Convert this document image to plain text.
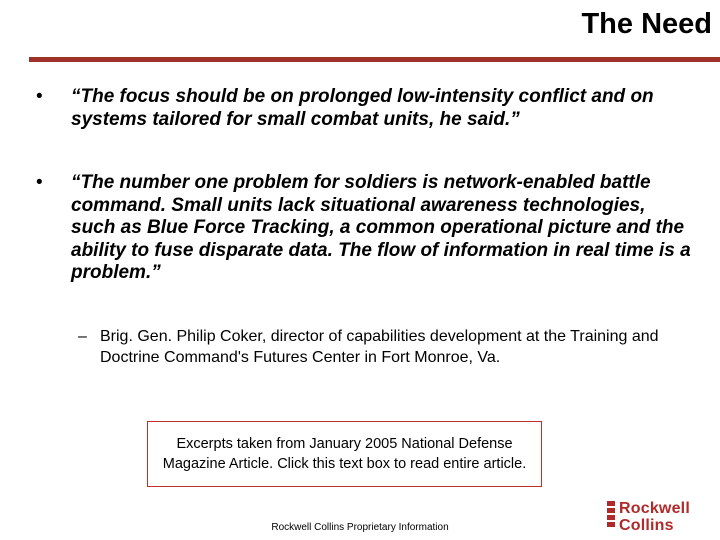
The Need
• “The focus should be on prolonged low-intensity conflict and on systems tailored for small combat units, he said.”
• “The number one problem for soldiers is network-enabled battle command. Small units lack situational awareness technologies, such as Blue Force Tracking, a common operational picture and the ability to fuse disparate data. The flow of information in real time is a problem.”
– Brig. Gen. Philip Coker, director of capabilities development at the Training and Doctrine Command's Futures Center in Fort Monroe, Va.
Excerpts taken from January 2005 National Defense Magazine Article. Click this text box to read entire article.
Rockwell Collins Proprietary Information
Rockwell
Collins
